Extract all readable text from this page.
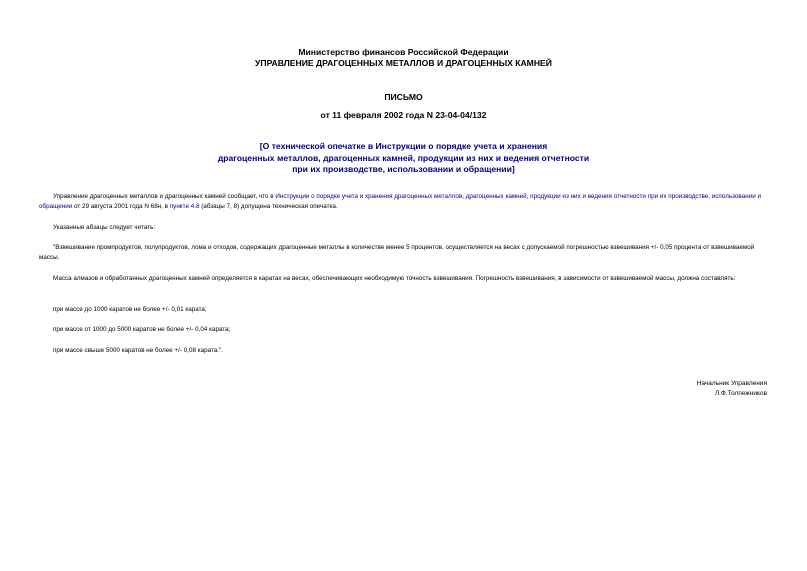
Министерство финансов Российской Федерации
УПРАВЛЕНИЕ ДРАГОЦЕННЫХ МЕТАЛЛОВ И ДРАГОЦЕННЫХ КАМНЕЙ
ПИСЬМО
от 11 февраля 2002 года N 23-04-04/132
[О технической опечатке в Инструкции о порядке учета и хранения
драгоценных металлов, драгоценных камней, продукции из них и ведения отчетности
при их производстве, использовании и обращении]
Управление драгоценных металлов и драгоценных камней сообщает, что в Инструкции о порядке учета и хранения драгоценных металлов, драгоценных камней, продукции из них и ведения отчетности при их производстве, использовании и обращении от 29 августа 2001 года N 68н, в пункте 4.8 (абзацы 7, 8) допущена техническая опечатка.
Указанные абзацы следует читать:
"Взвешивание промпродуктов, полупродуктов, лома и отходов, содержащих драгоценные металлы в количестве менее 5 процентов, осуществляется на весах с допускаемой погрешностью взвешивания +/- 0,05 процента от взвешиваемой массы.
Масса алмазов и обработанных драгоценных камней определяется в каратах на весах, обеспечивающих необходимую точность взвешивания. Погрешность взвешивания, в зависимости от взвешиваемой массы, должна составлять:
при массе до 1000 каратов не более +/- 0,01 карата;
при массе от 1000 до 5000 каратов не более +/- 0,04 карата;
при массе свыше 5000 каратов не более +/- 0,08 карата.".
Начальник Управления
Л.Ф.Толпежников
